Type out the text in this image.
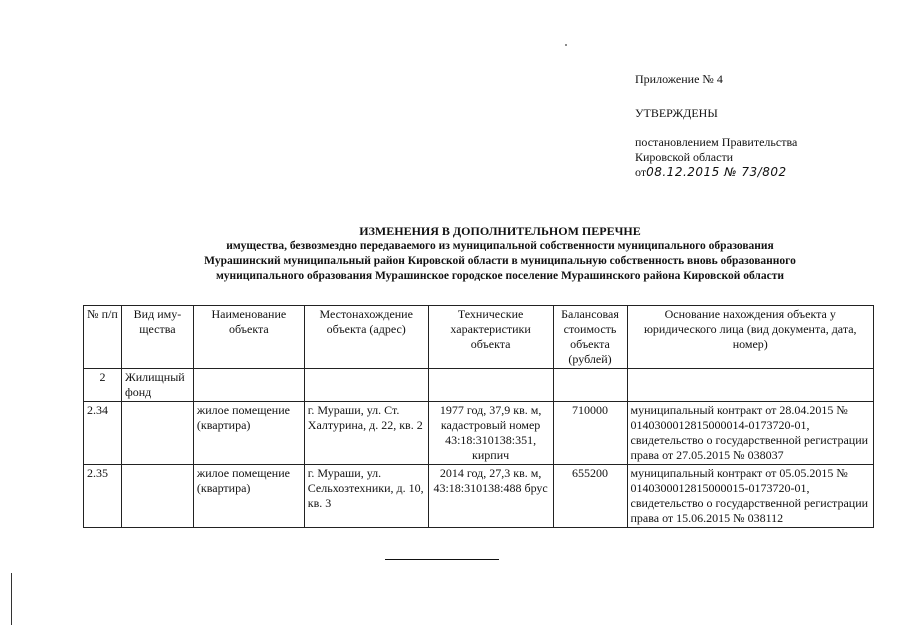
Приложение № 4
УТВЕРЖДЕНЫ
постановлением Правительства
Кировской области
от08.12.2015 № 73/802
ИЗМЕНЕНИЯ В ДОПОЛНИТЕЛЬНОМ ПЕРЕЧНЕ
имущества, безвозмездно передаваемого из муниципальной собственности муниципального образования
Мурашинский муниципальный район Кировской области в муниципальную собственность вновь образованного
муниципального образования Мурашинское городское поселение Мурашинского района Кировской области
№ п/п	Вид иму-щества	Наименование объекта	Местонахождение объекта (адрес)	Технические характеристики объекта	Балансовая стоимость объекта (рублей)	Основание нахождения объекта у юридического лица (вид документа, дата, номер)
2	Жилищный фонд					
2.34		жилое помещение (квартира)	г. Мураши, ул. Ст. Халтурина, д. 22, кв. 2	1977 год, 37,9 кв. м, кадастровый номер 43:18:310138:351, кирпич	710000	муниципальный контракт от 28.04.2015 № 0140300012815000014-0173720-01, свидетельство о государственной регистрации права от 27.05.2015 № 038037
2.35		жилое помещение (квартира)	г. Мураши, ул. Сельхозтехники, д. 10, кв. 3	2014 год, 27,3 кв. м, 43:18:310138:488 брус	655200	муниципальный контракт от 05.05.2015 № 0140300012815000015-0173720-01, свидетельство о государственной регистрации права от 15.06.2015 № 038112
